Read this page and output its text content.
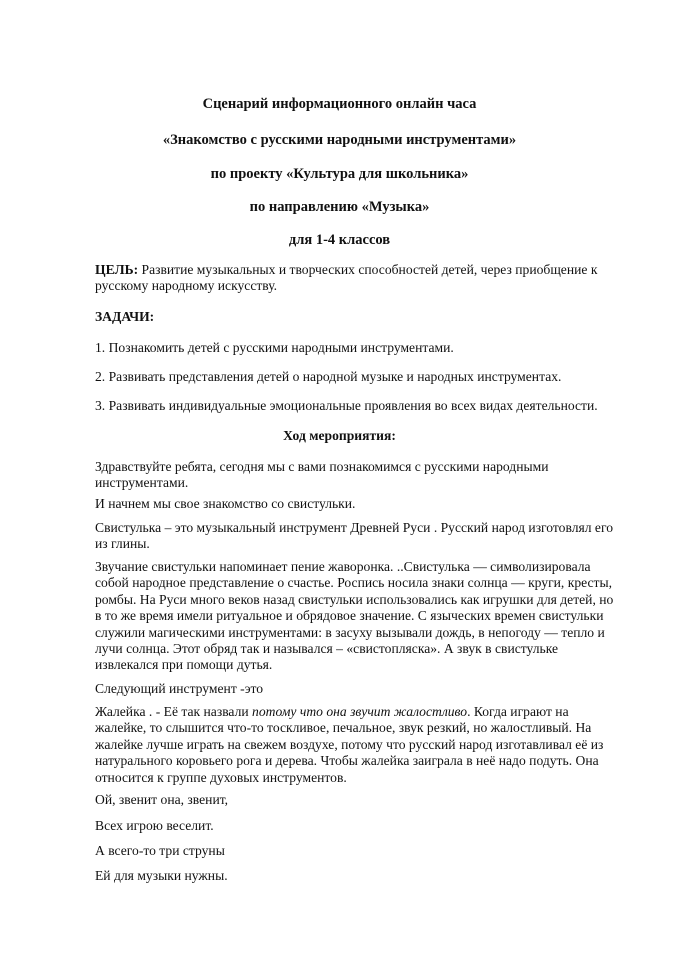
Сценарий информационного онлайн часа
«Знакомство с русскими народными инструментами»
по проекту «Культура для школьника»
по направлению «Музыка»
для 1-4 классов
ЦЕЛЬ: Развитие музыкальных и творческих способностей детей, через приобщение к
русскому народному искусству.
ЗАДАЧИ:
1. Познакомить детей с русскими народными инструментами.
2. Развивать представления детей о народной музыке и народных инструментах.
3. Развивать индивидуальные эмоциональные проявления во всех видах деятельности.
Ход мероприятия:
Здравствуйте ребята, сегодня мы с вами познакомимся с русскими народными
инструментами.
И начнем мы свое знакомство со свистульки.
Свистулька – это музыкальный инструмент Древней Руси . Русский народ изготовлял его
из глины.
Звучание свистульки напоминает пение жаворонка. ..Свистулька — символизировала
собой народное представление о счастье. Роспись носила знаки солнца — круги, кресты,
ромбы. На Руси много веков назад свистульки использовались как игрушки для детей, но
в то же время имели ритуальное и обрядовое значение. С языческих времен свистульки
служили магическими инструментами: в засуху вызывали дождь, в непогоду — тепло и
лучи солнца. Этот обряд так и назывался – «свистопляска». А звук в свистульке
извлекался при помощи дутья.
Следующий инструмент -это
Жалейка . - Её так назвали потому что она звучит жалостливо. Когда играют на
жалейке, то слышится что-то тоскливое, печальное, звук резкий, но жалостливый. На
жалейке лучше играть на свежем воздухе, потому что русский народ изготавливал её из
натурального коровьего рога и дерева. Чтобы жалейка заиграла в неё надо подуть. Она
относится к группе духовых инструментов.
Ой, звенит она, звенит,
Всех игрою веселит.
А всего-то три струны
Ей для музыки нужны.
